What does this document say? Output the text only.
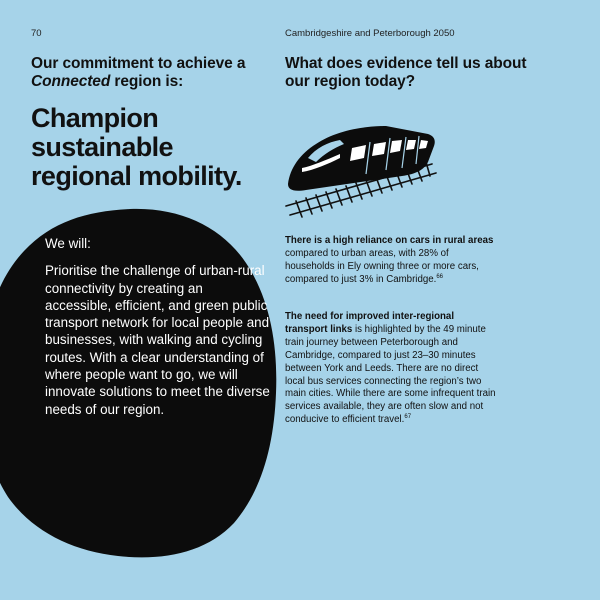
70	Cambridgeshire and Peterborough 2050
Our commitment to achieve a
Connected region is:
Champion sustainable regional mobility.

We will:

Prioritise the challenge of urban-rural connectivity by creating an accessible, efficient, and green public transport network for local people and businesses, with walking and cycling routes. With a clear understanding of where people want to go, we will innovate solutions to meet the diverse needs of our region.

What does evidence tell us about our region today?

There is a high reliance on cars in rural areas compared to urban areas, with 28% of households in Ely owning three or more cars, compared to just 3% in Cambridge.$^{66}$

The need for improved inter-regional transport links is highlighted by the 49 minute train journey between Peterborough and Cambridge, compared to just 23–30 minutes between York and Leeds. There are no direct local bus services connecting the region’s two main cities. While there are some infrequent train services available, they are often slow and not conducive to efficient travel.$^{67}$
